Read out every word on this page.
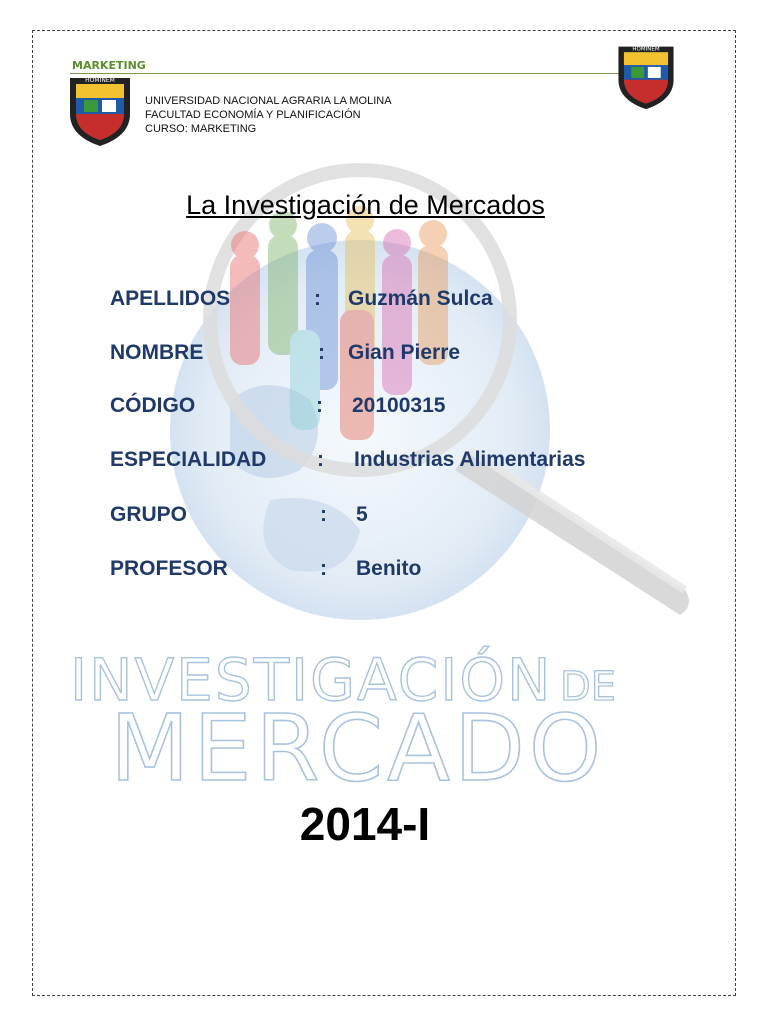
INVESTIGACIÓN DE
MERCADO
MARKETING
HOMINEM
HOMINEM
UNIVERSIDAD NACIONAL AGRARIA LA MOLINA
FACULTAD ECONOMÍA Y PLANIFICACIÓN
CURSO: MARKETING
La Investigación de Mercados
APELLIDOS	: Guzmán Sulca
NOMBRE	: Gian Pierre
CÓDIGO	: 20100315
ESPECIALIDAD : Industrias Alimentarias
GRUPO	: 5
PROFESOR	: Benito
2014-I
